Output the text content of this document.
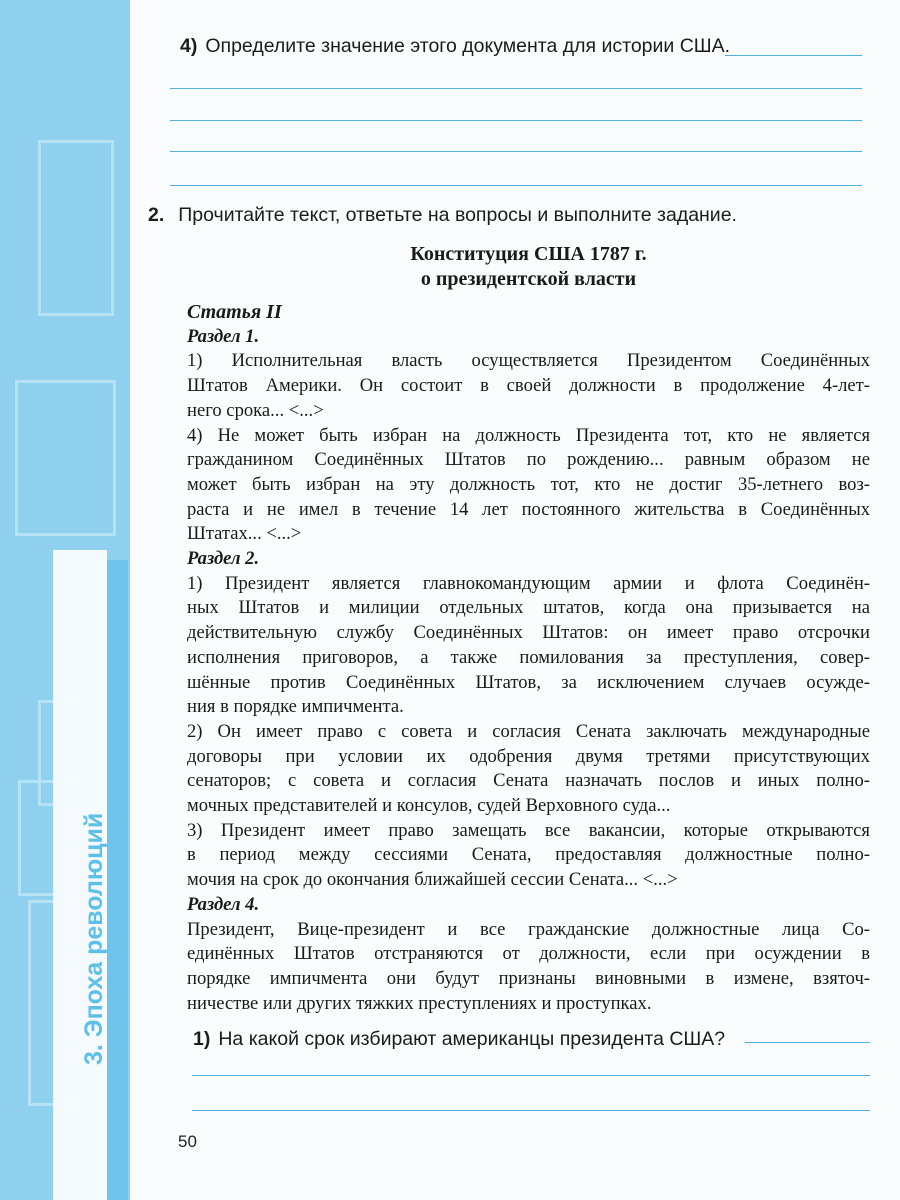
3. Эпоха революций
4) Определите значение этого документа для истории США.
2. Прочитайте текст, ответьте на вопросы и выполните задание.
Конституция США 1787 г.
о президентской власти
Статья II
Раздел 1.
1) Исполнительная власть осуществляется Президентом Соединённых
Штатов Америки. Он состоит в своей должности в продолжение 4-лет-
него срока... <...>
4) Не может быть избран на должность Президента тот, кто не является
гражданином Соединённых Штатов по рождению... равным образом не
может быть избран на эту должность тот, кто не достиг 35-летнего воз-
раста и не имел в течение 14 лет постоянного жительства в Соединённых
Штатах... <...>
Раздел 2.
1) Президент является главнокомандующим армии и флота Соединён-
ных Штатов и милиции отдельных штатов, когда она призывается на
действительную службу Соединённых Штатов: он имеет право отсрочки
исполнения приговоров, а также помилования за преступления, совер-
шённые против Соединённых Штатов, за исключением случаев осужде-
ния в порядке импичмента.
2) Он имеет право с совета и согласия Сената заключать международные
договоры при условии их одобрения двумя третями присутствующих
сенаторов; с совета и согласия Сената назначать послов и иных полно-
мочных представителей и консулов, судей Верховного суда...
3) Президент имеет право замещать все вакансии, которые открываются
в период между сессиями Сената, предоставляя должностные полно-
мочия на срок до окончания ближайшей сессии Сената... <...>
Раздел 4.
Президент, Вице-президент и все гражданские должностные лица Со-
единённых Штатов отстраняются от должности, если при осуждении в
порядке импичмента они будут признаны виновными в измене, взяточ-
ничестве или других тяжких преступлениях и проступках.
1) На какой срок избирают американцы президента США?
50
